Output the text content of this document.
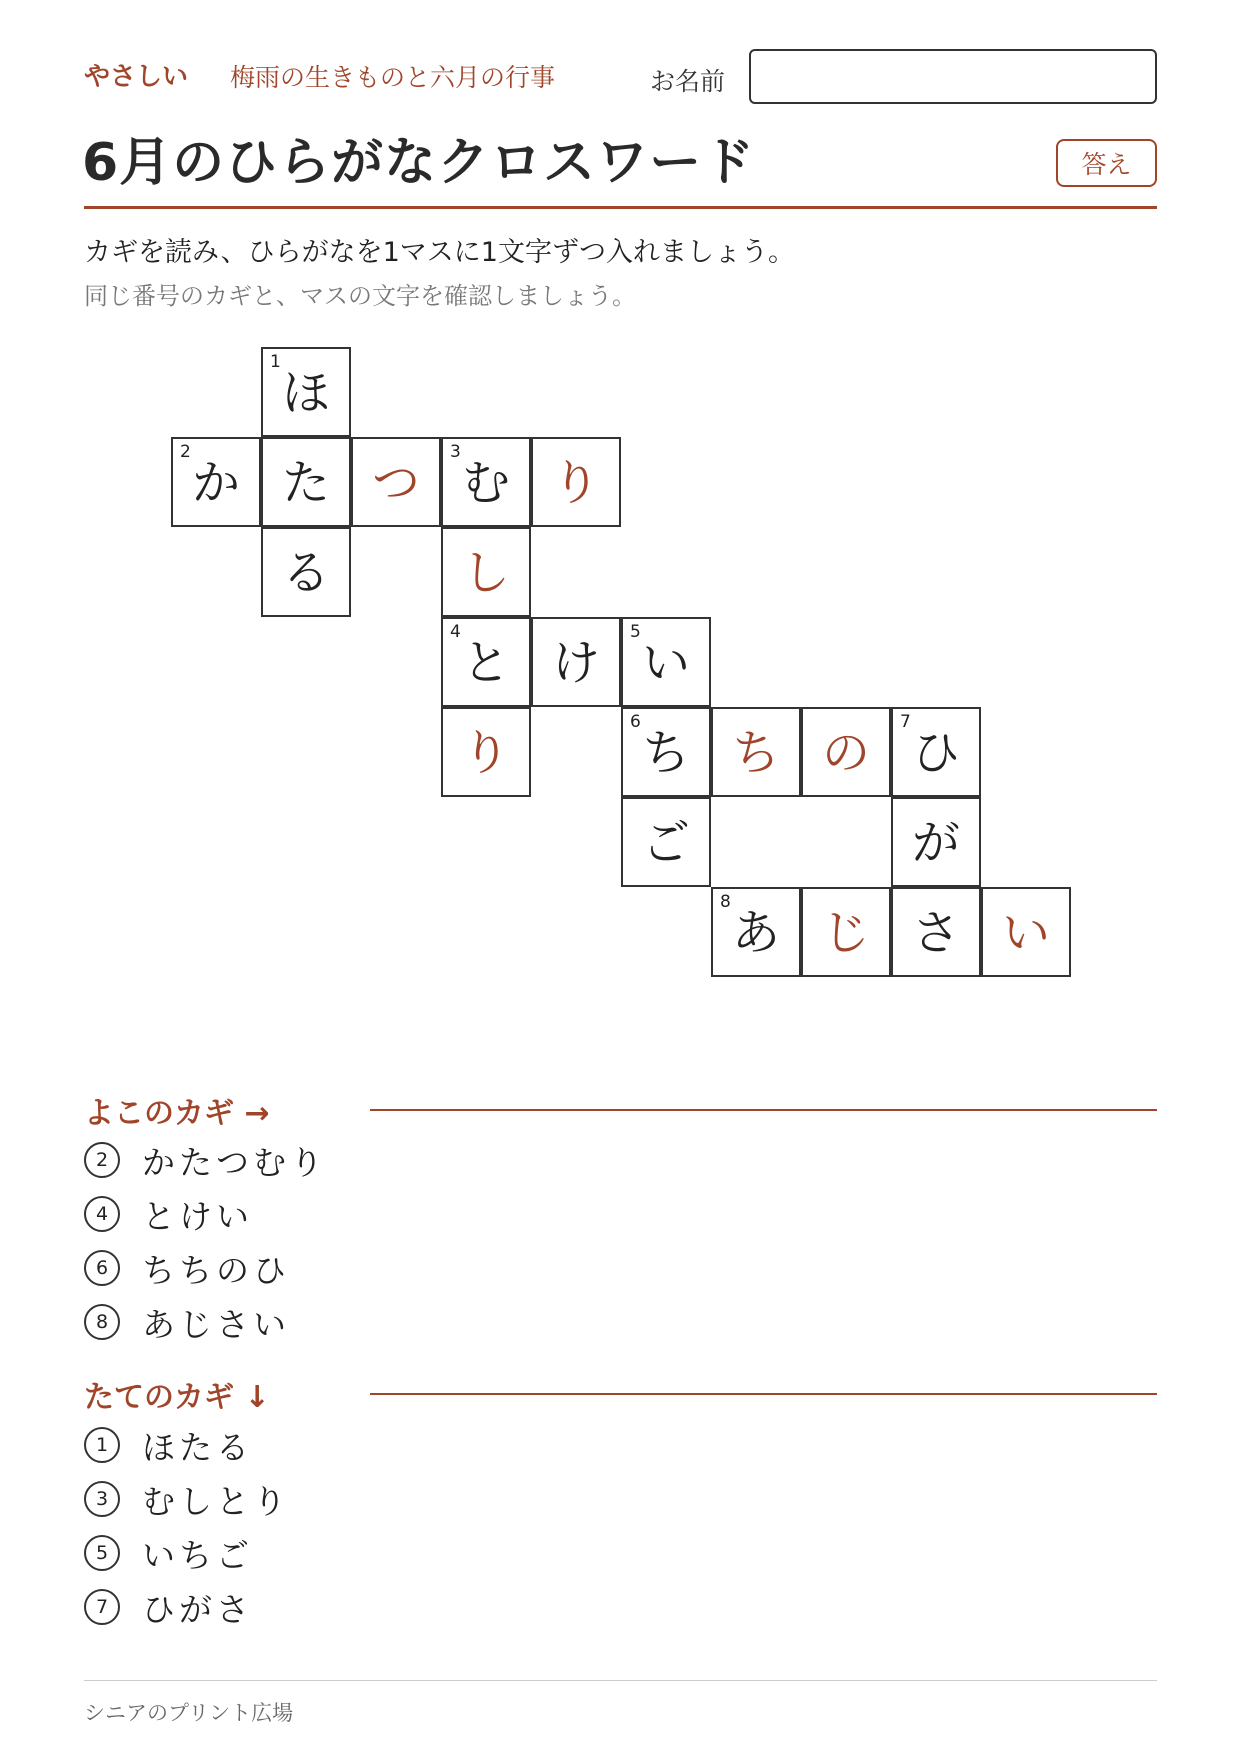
やさしい 梅雨の生きものと六月の行事	お名前
6月のひらがなクロスワード	答え
カギを読み、ひらがなを1マスに1文字ずつ入れましょう。
同じ番号のカギと、マスの文字を確認しましょう。
1
ほ
2
か た つ
3
む り
る	し
4
と け
5
い
り
6
ち ち の
7
ひ
ご	が
8
あ じ さ い
よこのカギ →
2	かたつむり
4	とけい
6	ちちのひ
8	あじさい
たてのカギ ↓
1	ほたる
3	むしとり
5	いちご
7	ひがさ
シニアのプリント広場
